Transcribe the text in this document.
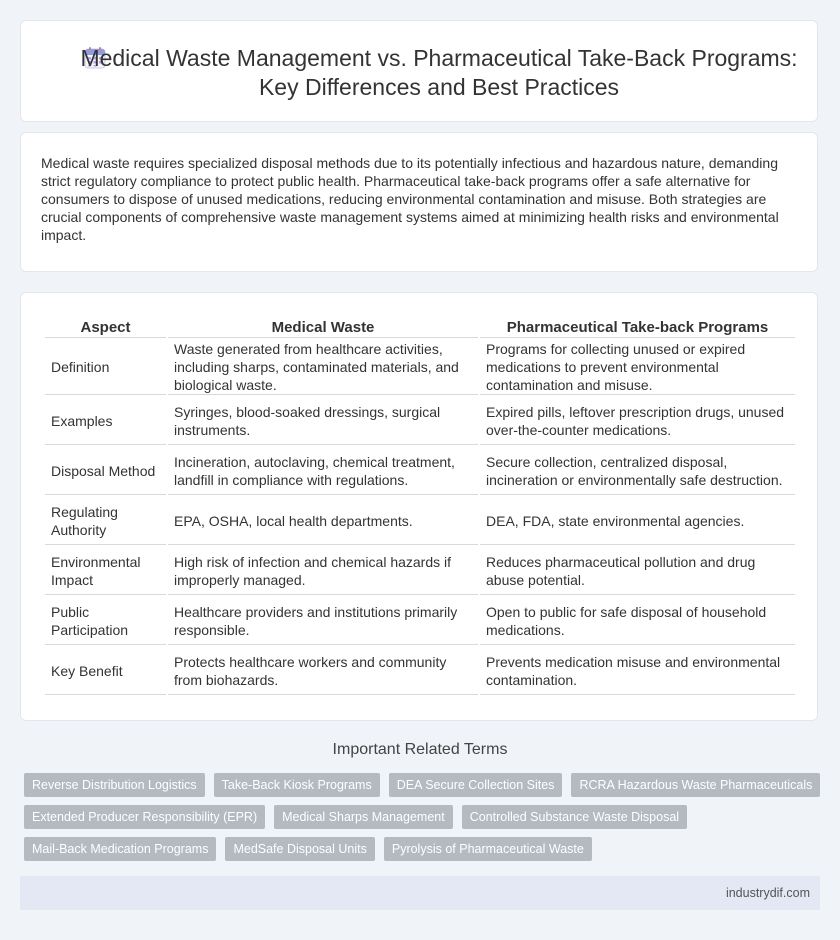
Medical Waste Management vs. Pharmaceutical Take-Back Programs: Key Differences and Best Practices

Medical waste requires specialized disposal methods due to its potentially infectious and hazardous nature, demanding strict regulatory compliance to protect public health. Pharmaceutical take-back programs offer a safe alternative for consumers to dispose of unused medications, reducing environmental contamination and misuse. Both strategies are crucial components of comprehensive waste management systems aimed at minimizing health risks and environmental impact.

Aspect	Medical Waste	Pharmaceutical Take-back Programs
Definition	Waste generated from healthcare activities, including sharps, contaminated materials, and biological waste.	Programs for collecting unused or expired medications to prevent environmental contamination and misuse.
Examples	Syringes, blood-soaked dressings, surgical instruments.	Expired pills, leftover prescription drugs, unused over-the-counter medications.
Disposal Method	Incineration, autoclaving, chemical treatment, landfill in compliance with regulations.	Secure collection, centralized disposal, incineration or environmentally safe destruction.
Regulating Authority	EPA, OSHA, local health departments.	DEA, FDA, state environmental agencies.
Environmental Impact	High risk of infection and chemical hazards if improperly managed.	Reduces pharmaceutical pollution and drug abuse potential.
Public Participation	Healthcare providers and institutions primarily responsible.	Open to public for safe disposal of household medications.
Key Benefit	Protects healthcare workers and community from biohazards.	Prevents medication misuse and environmental contamination.
Important Related Terms
Reverse Distribution Logistics	Take-Back Kiosk Programs	DEA Secure Collection Sites	RCRA Hazardous Waste Pharmaceuticals
Extended Producer Responsibility (EPR)	Medical Sharps Management	Controlled Substance Waste Disposal
Mail-Back Medication Programs	MedSafe Disposal Units	Pyrolysis of Pharmaceutical Waste
industrydif.com
